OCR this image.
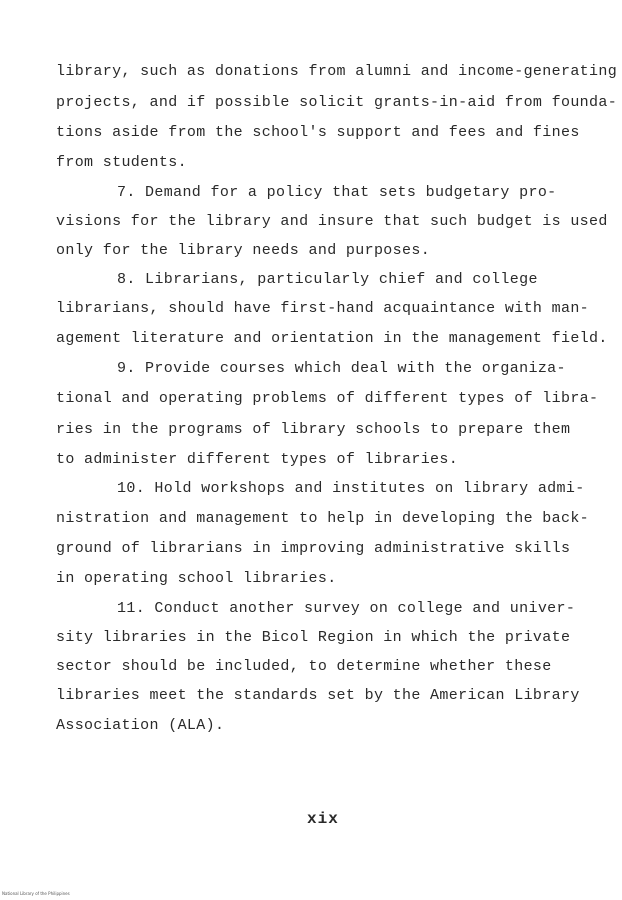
library, such as donations from alumni and income-generating
projects, and if possible solicit grants-in-aid from founda-
tions aside from the school's support and fees and fines
from students.
7. Demand for a policy that sets budgetary pro-
visions for the library and insure that such budget is used
only for the library needs and purposes.
8. Librarians, particularly chief and college
librarians, should have first-hand acquaintance with man-
agement literature and orientation in the management field.
9. Provide courses which deal with the organiza-
tional and operating problems of different types of libra-
ries in the programs of library schools to prepare them
to administer different types of libraries.
10. Hold workshops and institutes on library admi-
nistration and management to help in developing the back-
ground of librarians in improving administrative skills
in operating school libraries.
11. Conduct another survey on college and univer-
sity libraries in the Bicol Region in which the private
sector should be included, to determine whether these
libraries meet the standards set by the American Library
Association (ALA).
xix
National Library of the Philippines
